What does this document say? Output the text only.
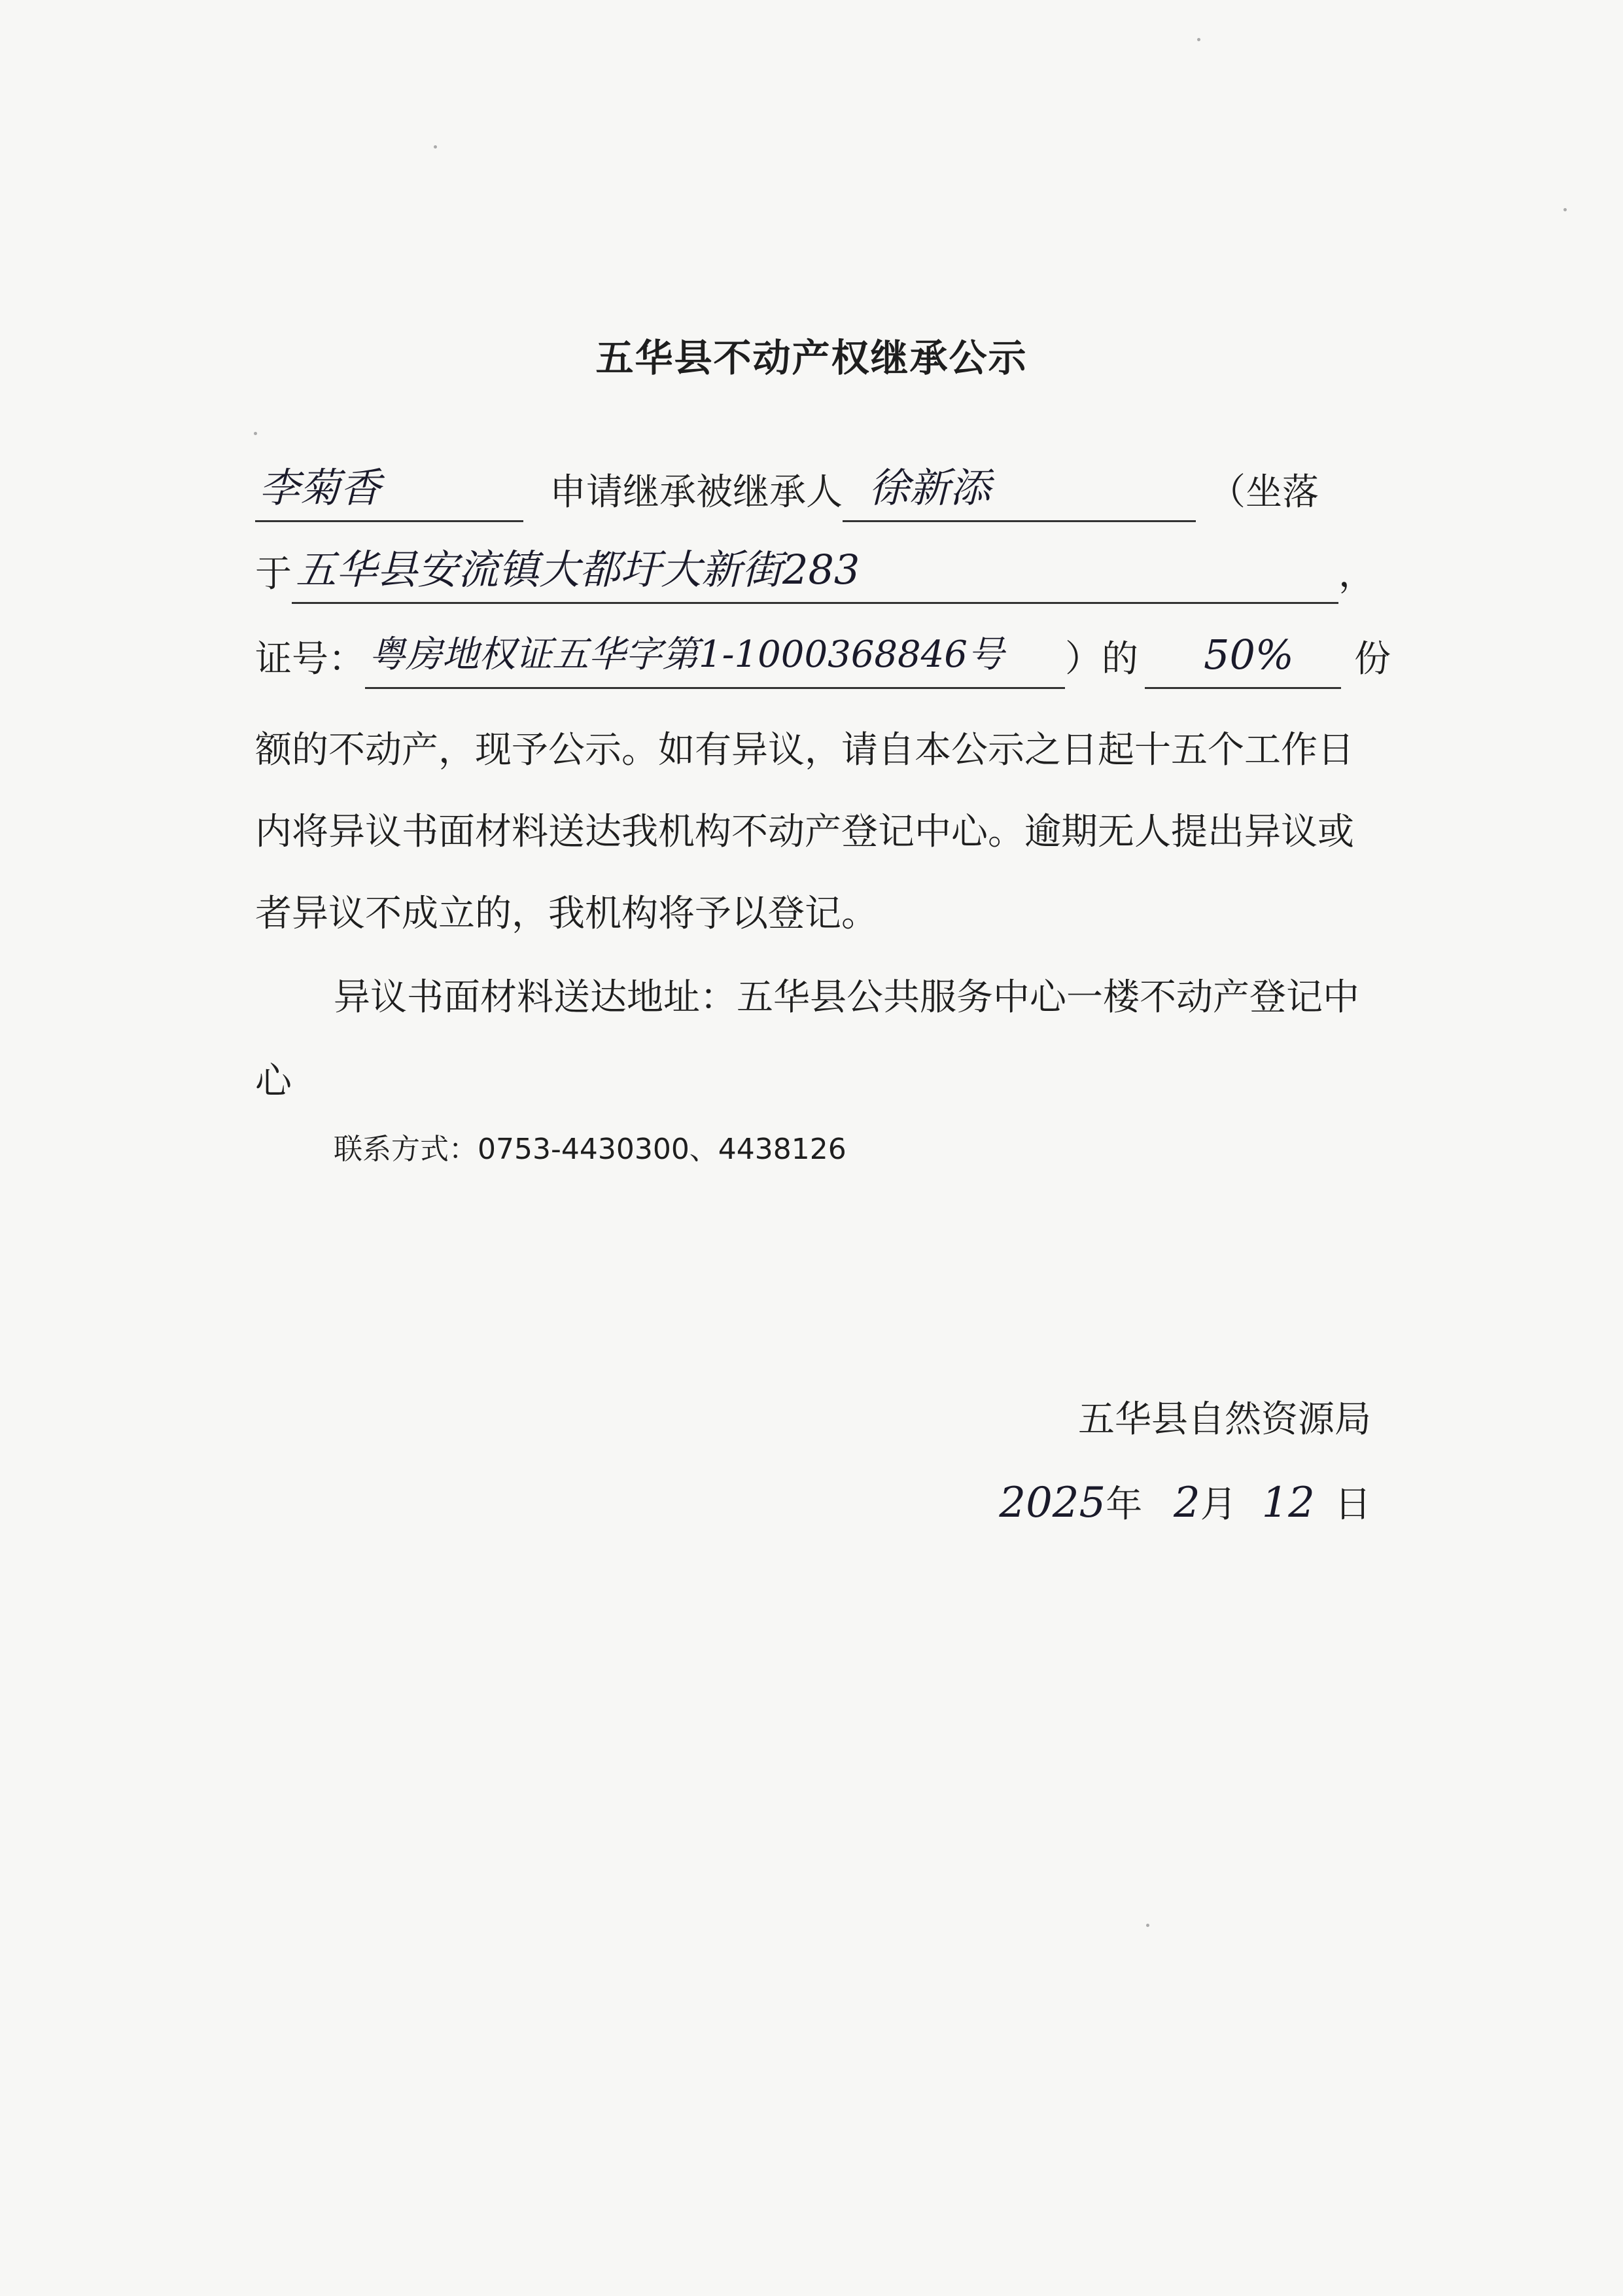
五华县不动产权继承公示
李菊香	申请继承被继承人 徐新添	（坐落
于 五华县安流镇大都圩大新街283	，
证号： 粤房地权证五华字第1-1000368846号 ）的 50% 份
额的不动产，现予公示。如有异议，请自本公示之日起十五个工作日
内将异议书面材料送达我机构不动产登记中心。逾期无人提出异议或
者异议不成立的，我机构将予以登记。
异议书面材料送达地址：五华县公共服务中心一楼不动产登记中
心
联系方式：0753-4430300、4438126
五华县自然资源局
2025年 2月 12 日
